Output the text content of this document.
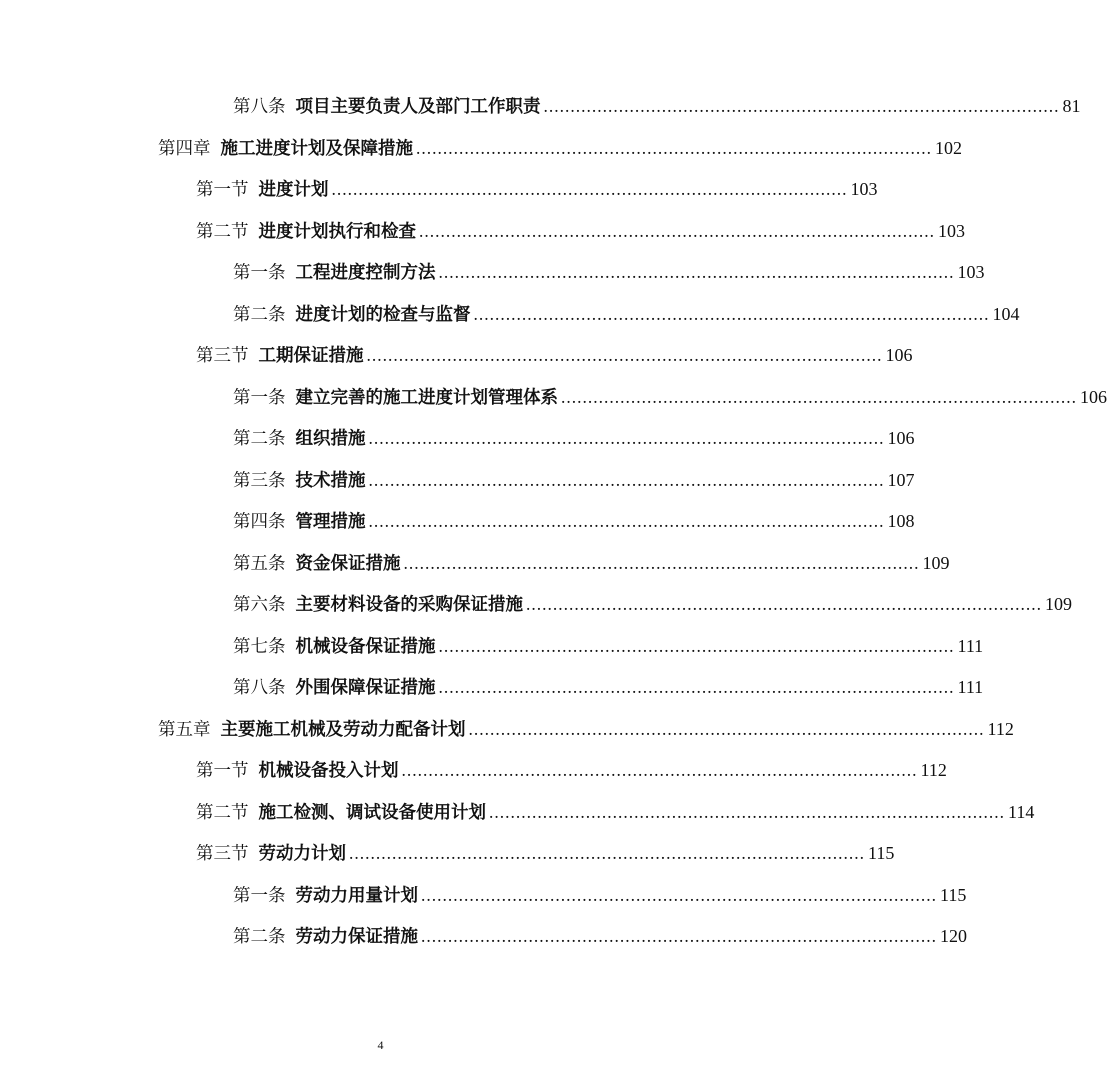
第八条 项目主要负责人及部门工作职责 ................................................................................................ 81
第四章 施工进度计划及保障措施 ................................................................................................ 102
第一节 进度计划 ................................................................................................ 103
第二节 进度计划执行和检查 ................................................................................................ 103
第一条 工程进度控制方法 ................................................................................................ 103
第二条 进度计划的检查与监督 ................................................................................................ 104
第三节 工期保证措施 ................................................................................................ 106
第一条 建立完善的施工进度计划管理体系 ................................................................................................ 106
第二条 组织措施 ................................................................................................ 106
第三条 技术措施 ................................................................................................ 107
第四条 管理措施 ................................................................................................ 108
第五条 资金保证措施 ................................................................................................ 109
第六条 主要材料设备的采购保证措施 ................................................................................................ 109
第七条 机械设备保证措施 ................................................................................................ 111
第八条 外围保障保证措施 ................................................................................................ 111
第五章 主要施工机械及劳动力配备计划 ................................................................................................ 112
第一节 机械设备投入计划 ................................................................................................ 112
第二节 施工检测、调试设备使用计划 ................................................................................................ 114
第三节 劳动力计划 ................................................................................................ 115
第一条 劳动力用量计划 ................................................................................................ 115
第二条 劳动力保证措施 ................................................................................................ 120
4
